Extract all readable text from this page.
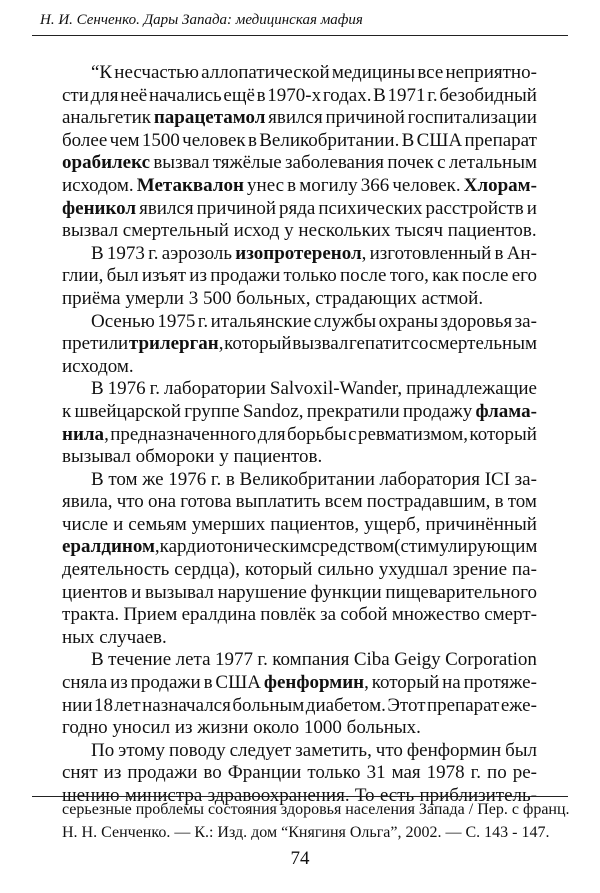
Н. И. Сенченко. Дары Запада: медицинская мафия
“К несчастью аллопатической медицины все неприятно-
сти для неё начались ещё в 1970-х годах. В 1971 г. безобидный
анальгетик парацетамол явился причиной госпитализации
более чем 1500 человек в Великобритании. В США препарат
орабилекс вызвал тяжёлые заболевания почек с летальным
исходом. Метаквалон унес в могилу 366 человек. Хлорам-
феникол явился причиной ряда психических расстройств и
вызвал смертельный исход у нескольких тысяч пациентов.
В 1973 г. аэрозоль изопротеренол, изготовленный в Ан-
глии, был изъят из продажи только после того, как после его
приёма умерли 3 500 больных, страдающих астмой.
Осенью 1975 г. итальянские службы охраны здоровья за-
претили трилерган, который вызвал гепатит со смертельным
исходом.
В 1976 г. лаборатории Salvoxil-Wander, принадлежащие
к швейцарской группе Sandoz, прекратили продажу флама-
нила, предназначенного для борьбы с ревматизмом, который
вызывал обмороки у пациентов.
В том же 1976 г. в Великобритании лаборатория ICI за-
явила, что она готова выплатить всем пострадавшим, в том
числе и семьям умерших пациентов, ущерб, причинённый
ералдином, кардиотоническим средством (стимулирующим
деятельность сердца), который сильно ухудшал зрение па-
циентов и вызывал нарушение функции пищеварительного
тракта. Прием ералдина повлёк за собой множество смерт-
ных случаев.
В течение лета 1977 г. компания Ciba Geigy Corporation
сняла из продажи в США фенформин, который на протяже-
нии 18 лет назначался больным диабетом. Этот препарат еже-
годно уносил из жизни около 1000 больных.
По этому поводу следует заметить, что фенформин был
снят из продажи во Франции только 31 мая 1978 г. по ре-
шению министра здравоохранения. То есть приблизитель-
серьезные проблемы состояния здоровья населения Запада / Пер. с франц.
Н. Н. Сенченко. — К.: Изд. дом “Княгиня Ольга”, 2002. — С. 143 - 147.
74
